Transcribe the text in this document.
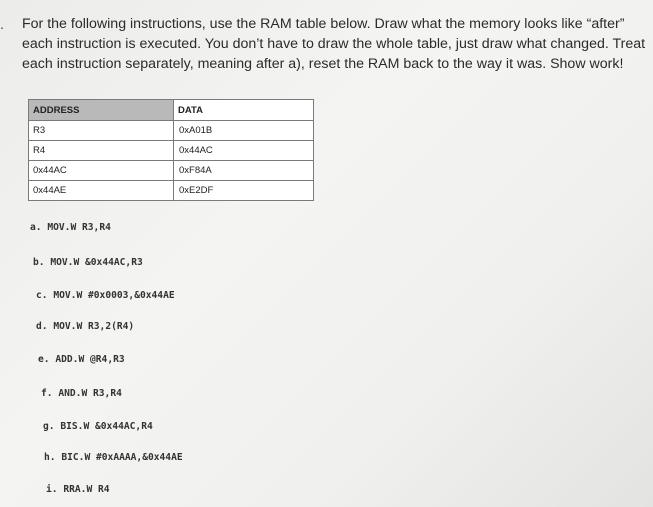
. For the following instructions, use the RAM table below. Draw what the memory looks like “after” each instruction is executed. You don’t have to draw the whole table, just draw what changed. Treat each instruction separately, meaning after a), reset the RAM back to the way it was. Show work!

ADDRESS	DATA
R3	0xA01B
R4	0x44AC
0x44AC	0xF84A
0x44AE	0xE2DF
a. MOV.W R3,R4
b. MOV.W &0x44AC,R3
c. MOV.W #0x0003,&0x44AE
d. MOV.W R3,2(R4)
e. ADD.W @R4,R3
f. AND.W R3,R4
g. BIS.W &0x44AC,R4
h. BIC.W #0xAAAA,&0x44AE
i. RRA.W R4
